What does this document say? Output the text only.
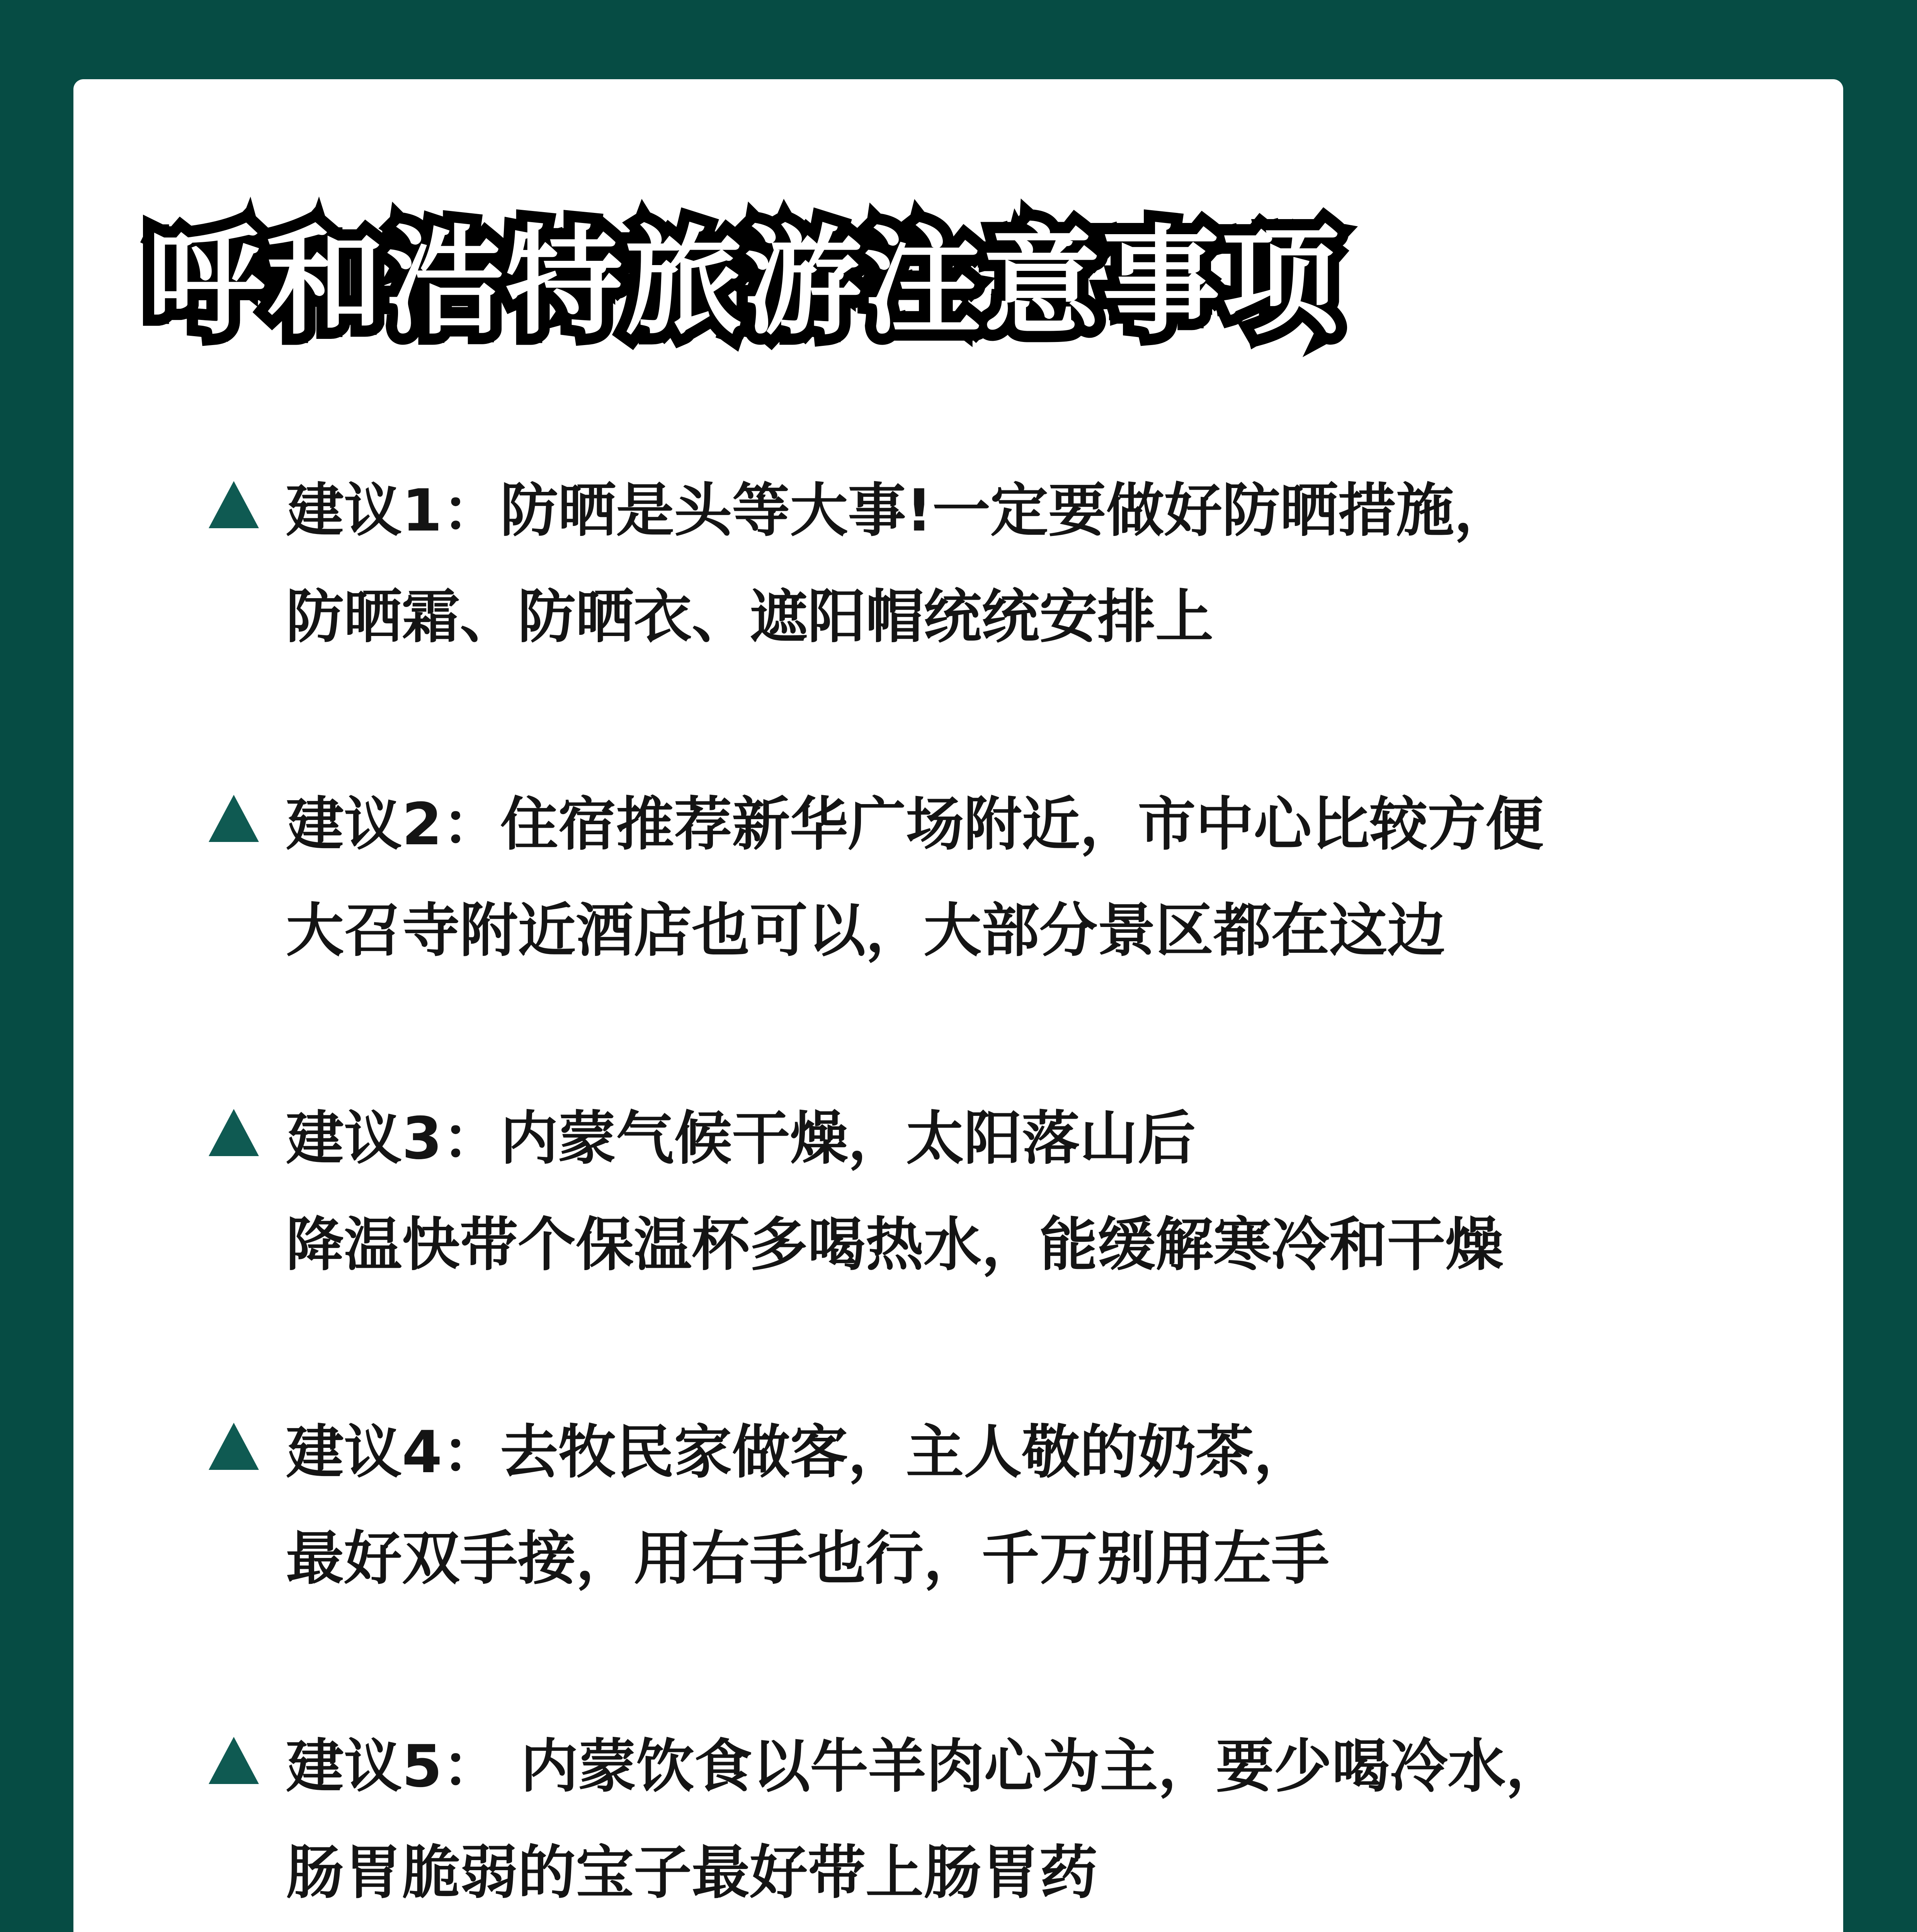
呼和浩特旅游注意事项
建议1：防晒是头等大事!一定要做好防晒措施，
防晒霜、防晒衣、遮阳帽统统安排上
建议2：住宿推荐新华广场附近，市中心比较方便
大召寺附近酒店也可以，大部分景区都在这边
建议3：内蒙气候干燥，太阳落山后
降温快带个保温杯多喝热水，能缓解寒冷和干燥
建议4：去牧民家做客，主人敬的奶茶，
最好双手接，用右手也行，千万别用左手
建议5： 内蒙饮食以牛羊肉心为主，要少喝冷水，
肠胃脆弱的宝子最好带上肠胃药
